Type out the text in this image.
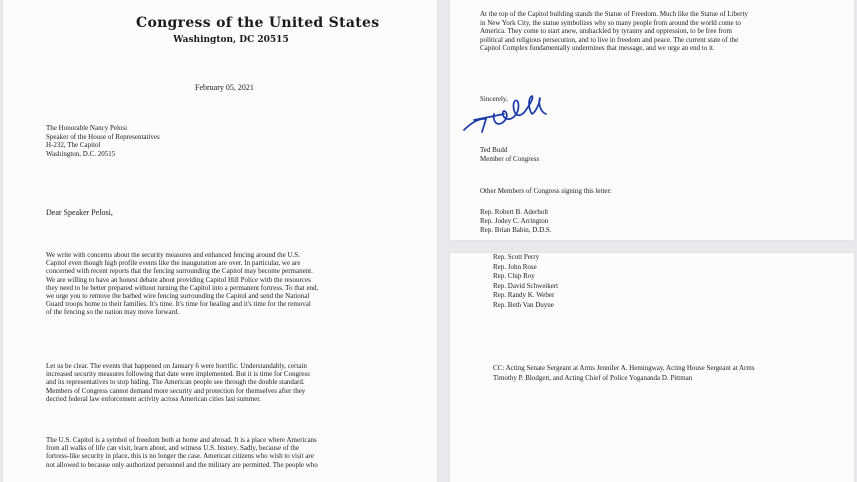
Congress of the United States
Washington, DC 20515
February 05, 2021
The Honorable Nancy Pelosi
Speaker of the House of Representatives
H-232, The Capitol
Washington, D.C. 20515
Dear Speaker Pelosi,
We write with concerns about the security measures and enhanced fencing around the U.S.
Capitol even though high profile events like the inauguration are over. In particular, we are
concerned with recent reports that the fencing surrounding the Capitol may become permanent.
We are willing to have an honest debate about providing Capitol Hill Police with the resources
they need to be better prepared without turning the Capitol into a permanent fortress. To that end,
we urge you to remove the barbed wire fencing surrounding the Capitol and send the National
Guard troops home to their families. It's time. It's time for healing and it's time for the removal
of the fencing so the nation may move forward.
Let us be clear. The events that happened on January 6 were horrific. Understandably, certain
increased security measures following that date were implemented. But it is time for Congress
and its representatives to stop hiding. The American people see through the double standard.
Members of Congress cannot demand more security and protection for themselves after they
decried federal law enforcement activity across American cities last summer.
The U.S. Capitol is a symbol of freedom both at home and abroad. It is a place where Americans
from all walks of life can visit, learn about, and witness U.S. history. Sadly, because of the
fortress-like security in place, this is no longer the case. American citizens who wish to visit are
not allowed to because only authorized personnel and the military are permitted. The people who
At the top of the Capitol building stands the Statue of Freedom. Much like the Statue of Liberty
in New York City, the statue symbolizes why so many people from around the world come to
America. They come to start anew, unshackled by tyranny and oppression, to be free from
political and religious persecution, and to live in freedom and peace. The current state of the
Capitol Complex fundamentally undermines that message, and we urge an end to it.
Sincerely,
Ted Budd
Member of Congress
Other Members of Congress signing this letter:
Rep. Robert B. Aderholt
Rep. Jodey C. Arrington
Rep. Brian Babin, D.D.S.
Rep. Scott Perry
Rep. John Rose
Rep. Chip Roy
Rep. David Schweikert
Rep. Randy K. Weber
Rep. Beth Van Duyne
CC: Acting Senate Sergeant at Arms Jennifer A. Hemingway, Acting House Sergeant at Arms
Timothy P. Blodgett, and Acting Chief of Police Yogananda D. Pittman
